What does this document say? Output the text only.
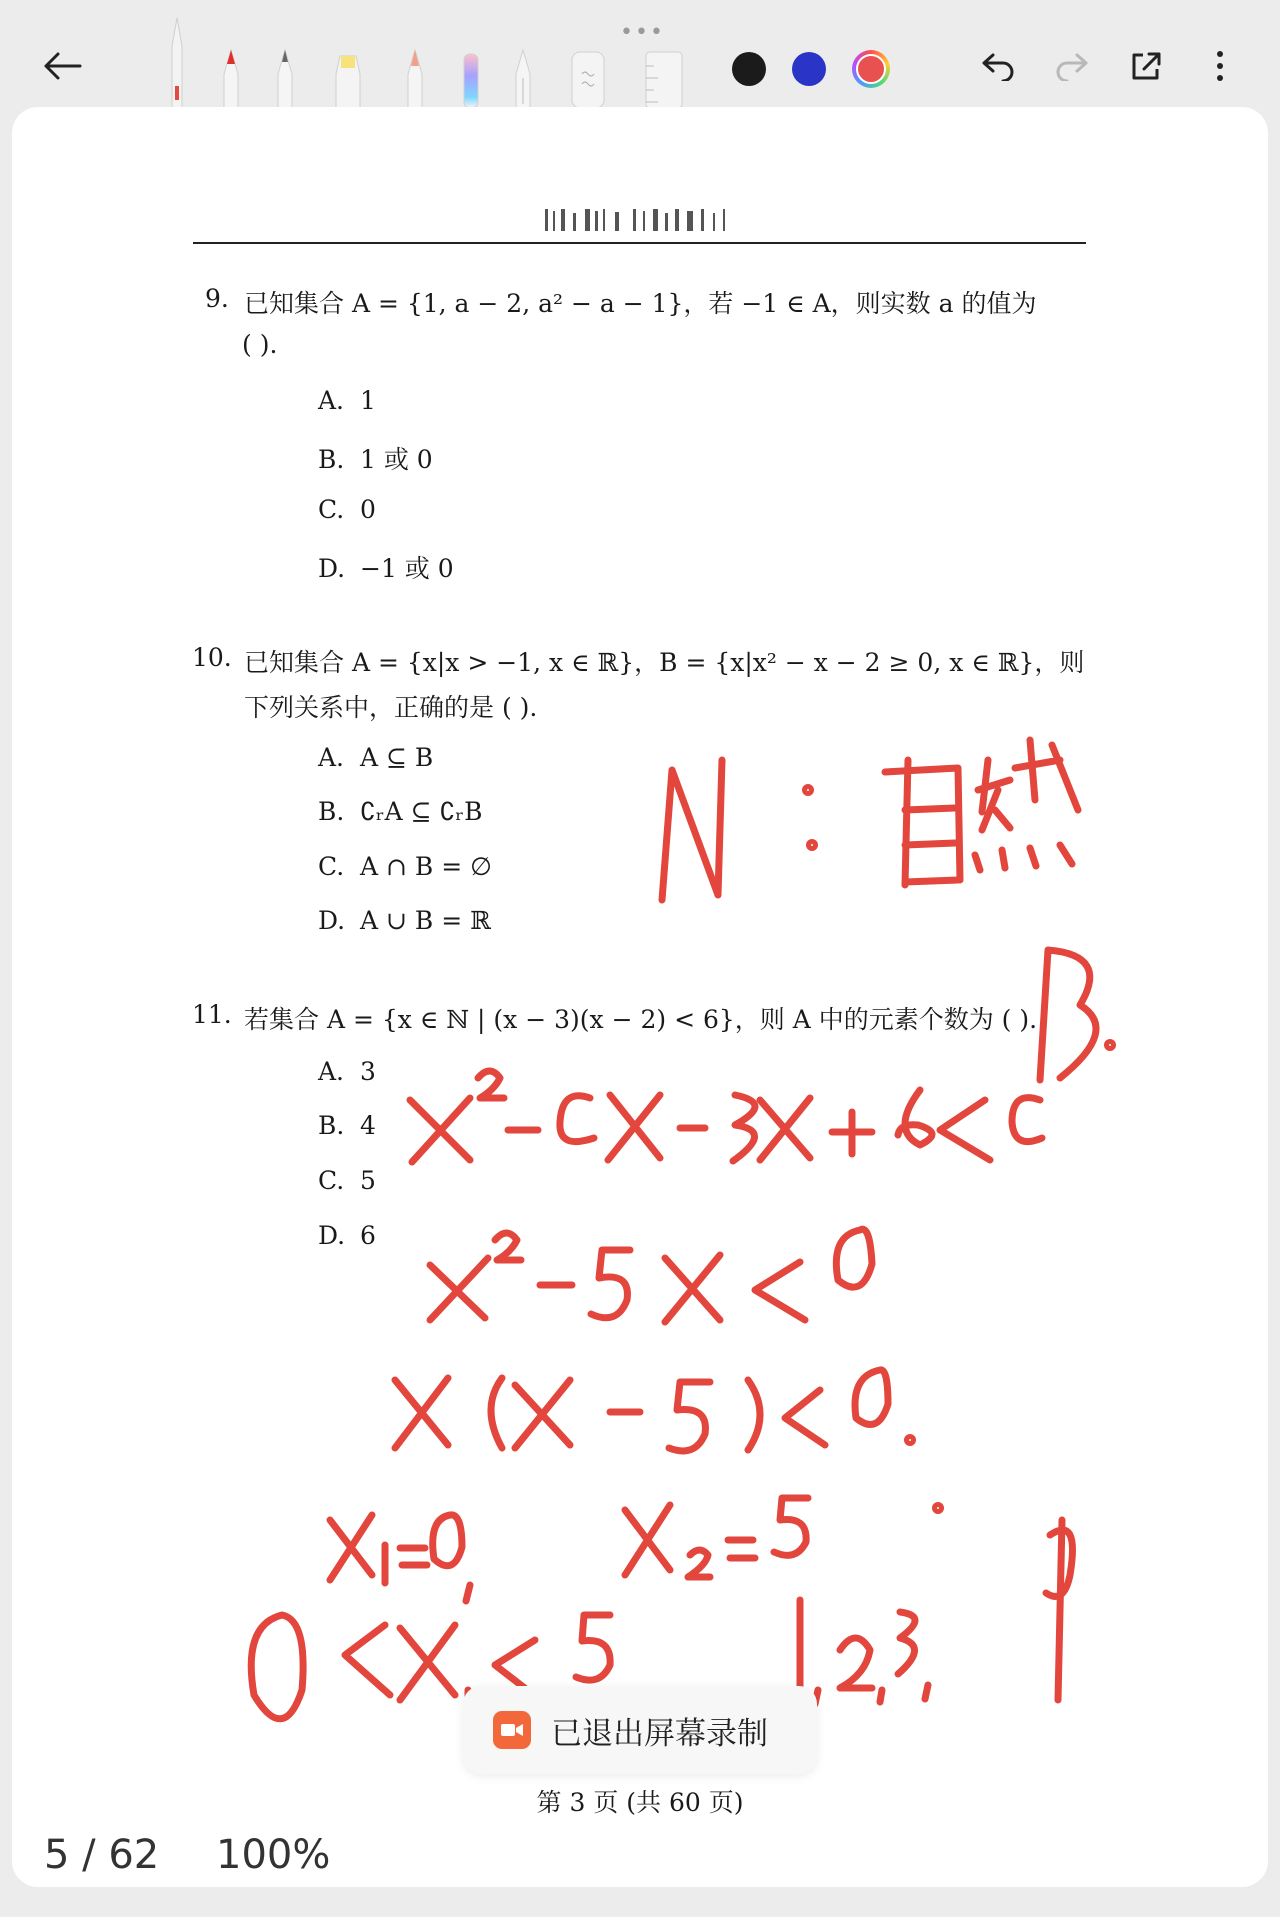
•••
9. 已知集合 A = {1, a − 2, a² − a − 1}，若 −1 ∈ A，则实数 a 的值为
( ).
A. 1
B. 1 或 0
C. 0
D. −1 或 0
10. 已知集合 A = {x|x > −1, x ∈ ℝ}，B = {x|x² − x − 2 ≥ 0, x ∈ ℝ}，则
下列关系中，正确的是 ( ).
A. A ⊆ B
B. ∁ᵣA ⊆ ∁ᵣB
C. A ∩ B = ∅
D. A ∪ B = ℝ
11. 若集合 A = {x ∈ ℕ | (x − 3)(x − 2) < 6}，则 A 中的元素个数为 ( ).
A. 3
B. 4
C. 5
D. 6
第 3 页 (共 60 页)
已退出屏幕录制
5 / 62 100%
